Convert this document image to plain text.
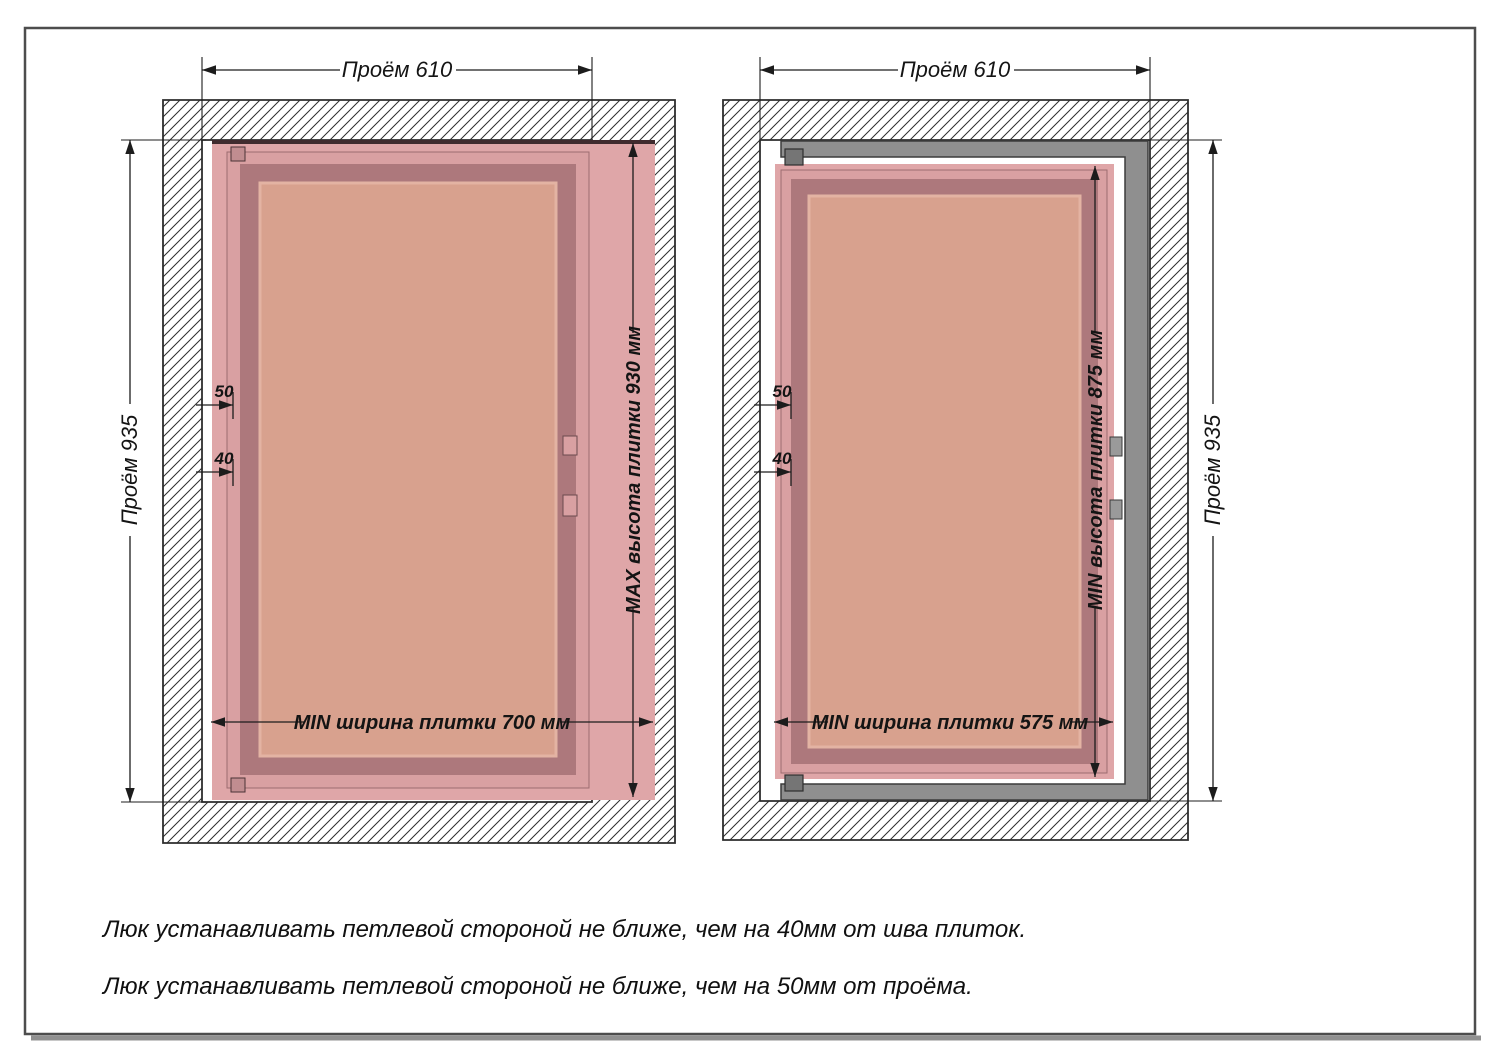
Проём 610
Проём 935	MAX высота плитки 930 мм
MIN ширина плитки 700 мм
50
40
Проём 610
Проём 935
MIN высота плитки 875 мм
MIN ширина плитки 575 мм
50
40
Люк устанавливать петлевой стороной не ближе, чем на 40мм от шва плиток.
Люк устанавливать петлевой стороной не ближе, чем на 50мм от проёма.
